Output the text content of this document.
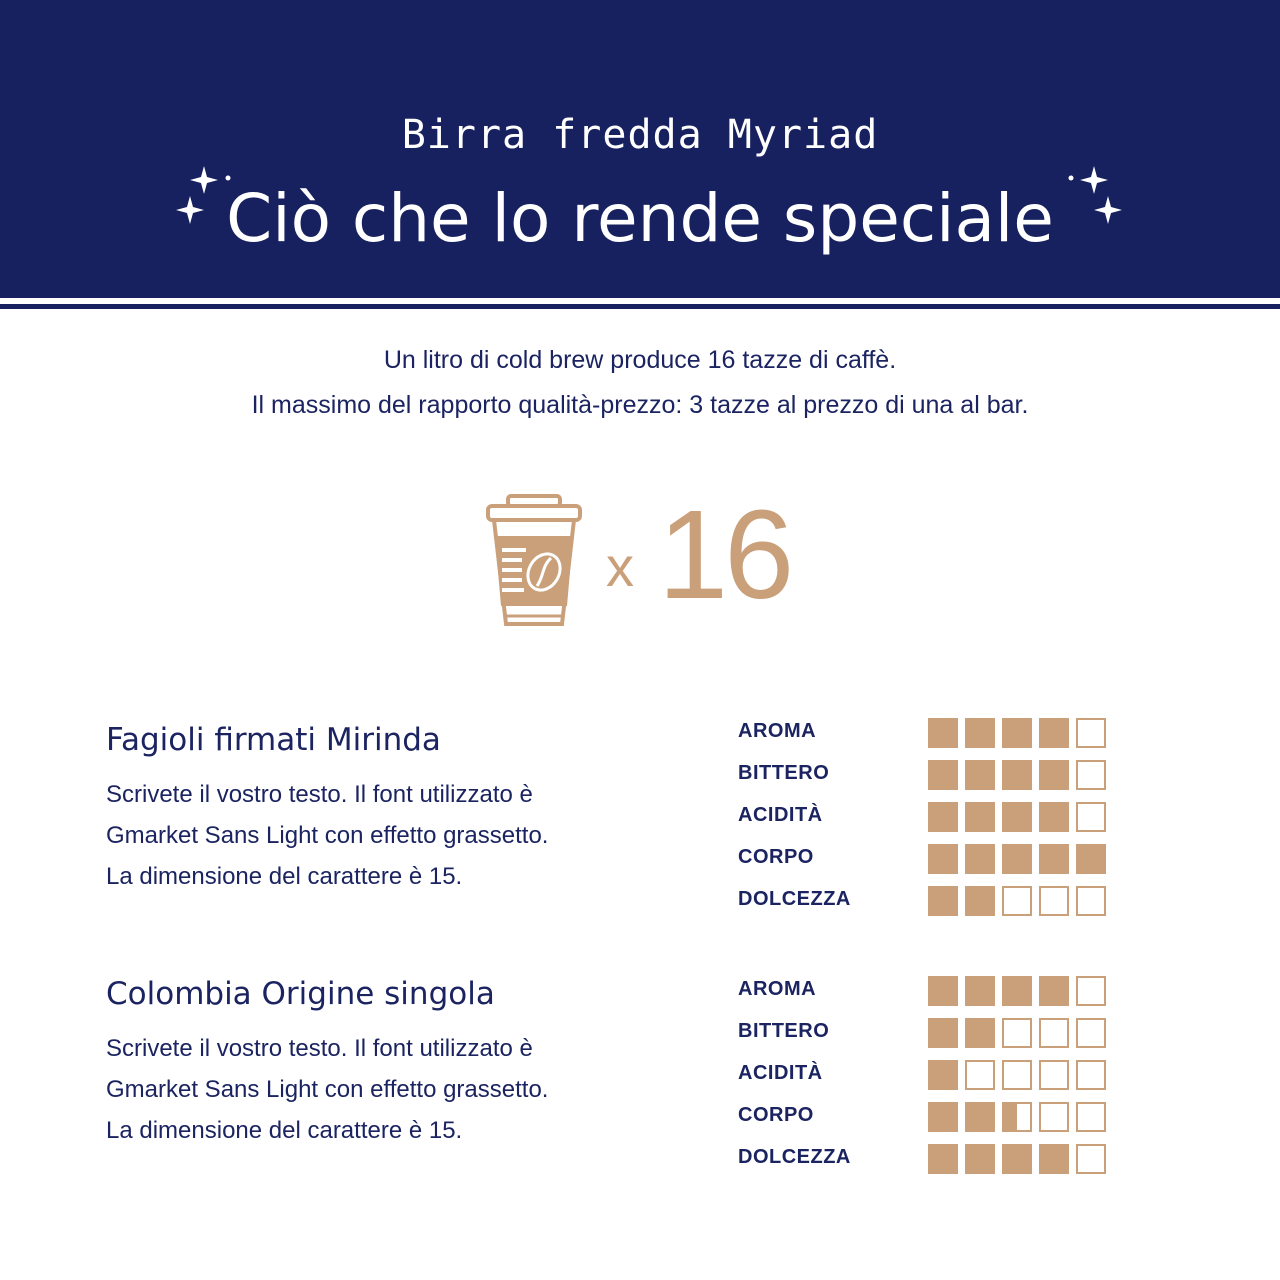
Birra fredda Myriad
Ciò che lo rende speciale
Un litro di cold brew produce 16 tazze di caffè.
Il massimo del rapporto qualità-prezzo: 3 tazze al prezzo di una al bar.
x 16
Fagioli firmati Mirinda
Scrivete il vostro testo. Il font utilizzato è
Gmarket Sans Light con effetto grassetto.
La dimensione del carattere è 15.
AROMA
BITTERO
ACIDITÀ
CORPO
DOLCEZZA
Colombia Origine singola
Scrivete il vostro testo. Il font utilizzato è
Gmarket Sans Light con effetto grassetto.
La dimensione del carattere è 15.
AROMA
BITTERO
ACIDITÀ
CORPO
DOLCEZZA
